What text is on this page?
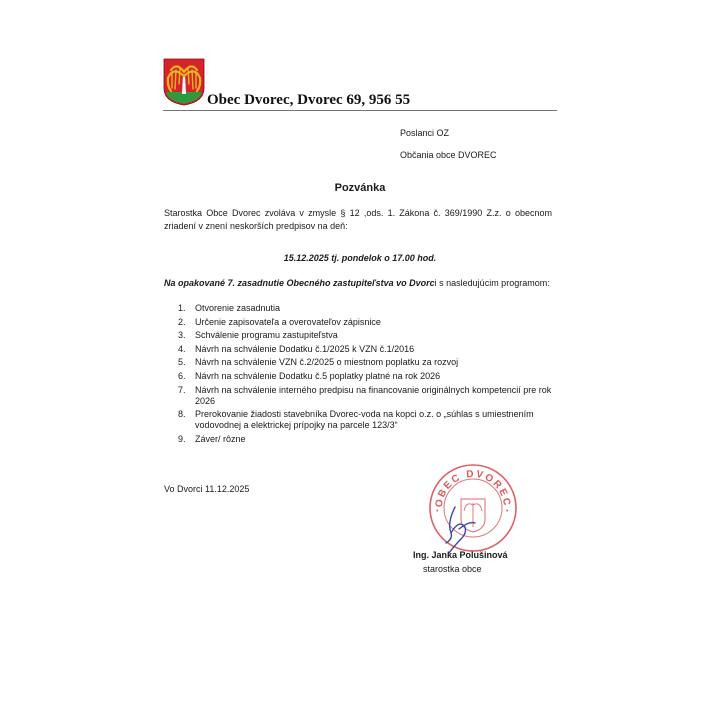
Obec Dvorec, Dvorec 69, 956 55
Poslanci OZ
Občania obce DVOREC
Pozvánka
Starostka Obce Dvorec zvoláva v zmysle § 12 ,ods. 1. Zákona č. 369/1990 Z.z. o obecnom zriadení v znení neskorších predpisov na deň:
15.12.2025 tj. pondelok o 17.00 hod.
Na opakované 7. zasadnutie Obecného zastupiteľstva vo Dvorci s nasledujúcim programom:
1. Otvorenie zasadnutia
2. Určenie zapisovateľa a overovateľov zápisnice
3. Schválenie programu zastupiteľstva
4. Návrh na schválenie Dodatku č.1/2025 k VZN č.1/2016
5. Návrh na schválenie VZN č.2/2025 o miestnom poplatku za rozvoj
6. Návrh na schválenie Dodatku č.5 poplatky platné na rok 2026
7. Návrh na schválenie interného predpisu na financovanie originálnych kompetencií pre rok 2026
8. Prerokovanie žiadosti stavebníka Dvorec-voda na kopci o.z. o „súhlas s umiestnením vodovodnej a elektrickej prípojky na parcele 123/3“
9. Záver/ rôzne
Vo Dvorci 11.12.2025
OBEC DVOREC
•	•
Ing. Janka Polušinová
starostka obce
